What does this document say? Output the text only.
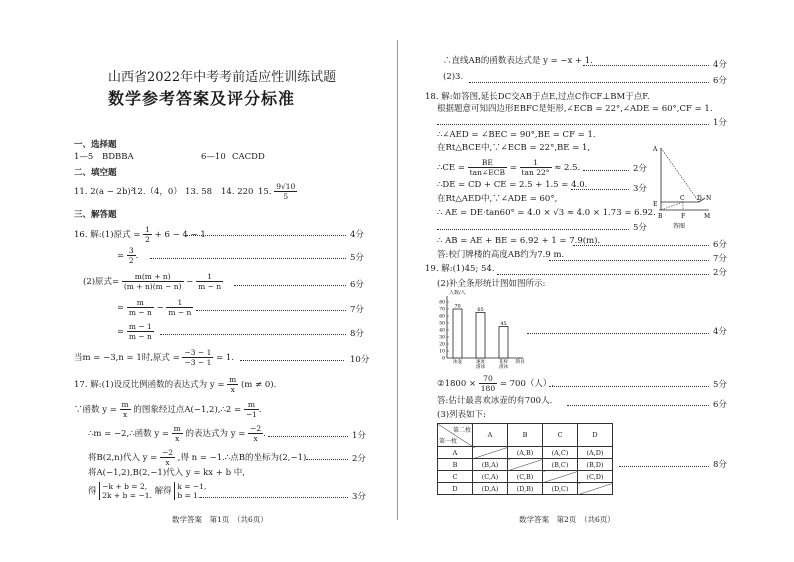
山西省2022年中考考前适应性训练试题
数学参考答案及评分标准
一、选择题
1—5 BDBBA	6—10 CACDD
二、填空题
11. 2(a − 2b)²
12.（4，0） 13. 58 14. 220 15. $\frac{9√10}{5}$
三、解答题
16. 解:(1)原式 = $\frac{1}{2} + 6 - 4 - 1$	4分
= $\frac{3}{2}$ .	5分
(2)原式= $\frac{m(m + n)}{(m + n)(m - n)} - \frac{1}{m - n}$	6分
= $\frac{m}{m - n} - \frac{1}{m - n}$	7分
= $\frac{m - 1}{m - n}$	8分
当m = −3,n = 1时,原式 = $\frac{-3 - 1}{-3 - 1} = 1$.	10分
17. 解:(1)设反比例函数的表达式为 $y = \frac{m}{x} (m \ne 0)$.
∵函数 $y = \frac{m}{x}$ 的图象经过点A(−1,2),∴2 = $\frac{m}{-1}$ .
∴m = −2,∴函数 $y = \frac{m}{x}$ 的表达式为 $y = \frac{-2}{x}$ .	1分
将B(2,n)代入 $y = \frac{-2}{x}$ ,得 n = −1.∴点B的坐标为(2,−1).	2分
将A(−1,2),B(2,−1)代入 y = kx + b 中,
得 −k + b = 2,
2k + b = −1. 解得 k = −1,
b = 1.	3分
数学答案　第1页　（共6页）
∴直线AB的函数表达式是 y = −x + 1.	4分
(2)3.	6分
18. 解:如答图,延长DC交AB于点E,过点C作CF⊥BM于点F.
根据题意可知四边形EBFC是矩形,∠ECB = 22°,∠ADE = 60°,CF = 1.
1分
∴∠AED = ∠BEC = 90°,BE = CF = 1.
在Rt△BCE中,∵∠ECB = 22°,BE = 1,
∴CE = $\frac{BE}{\text{tan∠ECB}} = \frac{1}{\tan 22^\circ} \approx 2.5$.	2分
∴DE = CD + CE = 2.5 + 1.5 = 4.0.	3分
在Rt△AED中,∵∠ADE = 60°,
∴ AE = DE·tan60° = 4.0 × √3 ≈ 4.0 × 1.73 = 6.92.
5分
A
E
C D N
B	F	M
答图
∴ AB = AE + BE = 6.92 + 1 = 7.9(m).	6分
答:校门牌楼的高度AB约为7.9 m.	7分
19. 解:(1)45; 54.	2分
(2)补全条形统计图如图所示:
人数/人
项目
0
10
20
30
40
50
60
70
80
70
冰壶
65
速度
滑冰
45
花样
滑冰
4分
②1800 × $\frac{70}{180} = 700$（人）.	5分
答:估计最喜欢冰壶的有700人.	6分
(3)列表如下:
第二枚
第一枚	A	B	C	D
A		(A,B)	(A,C)	(A,D)
B	(B,A)		(B,C)	(B,D)
C	(C,A)	(C,B)		(C,D)
D	(D,A)	(D,B)	(D,C)	
8分
数学答案　第2页　（共6页）
